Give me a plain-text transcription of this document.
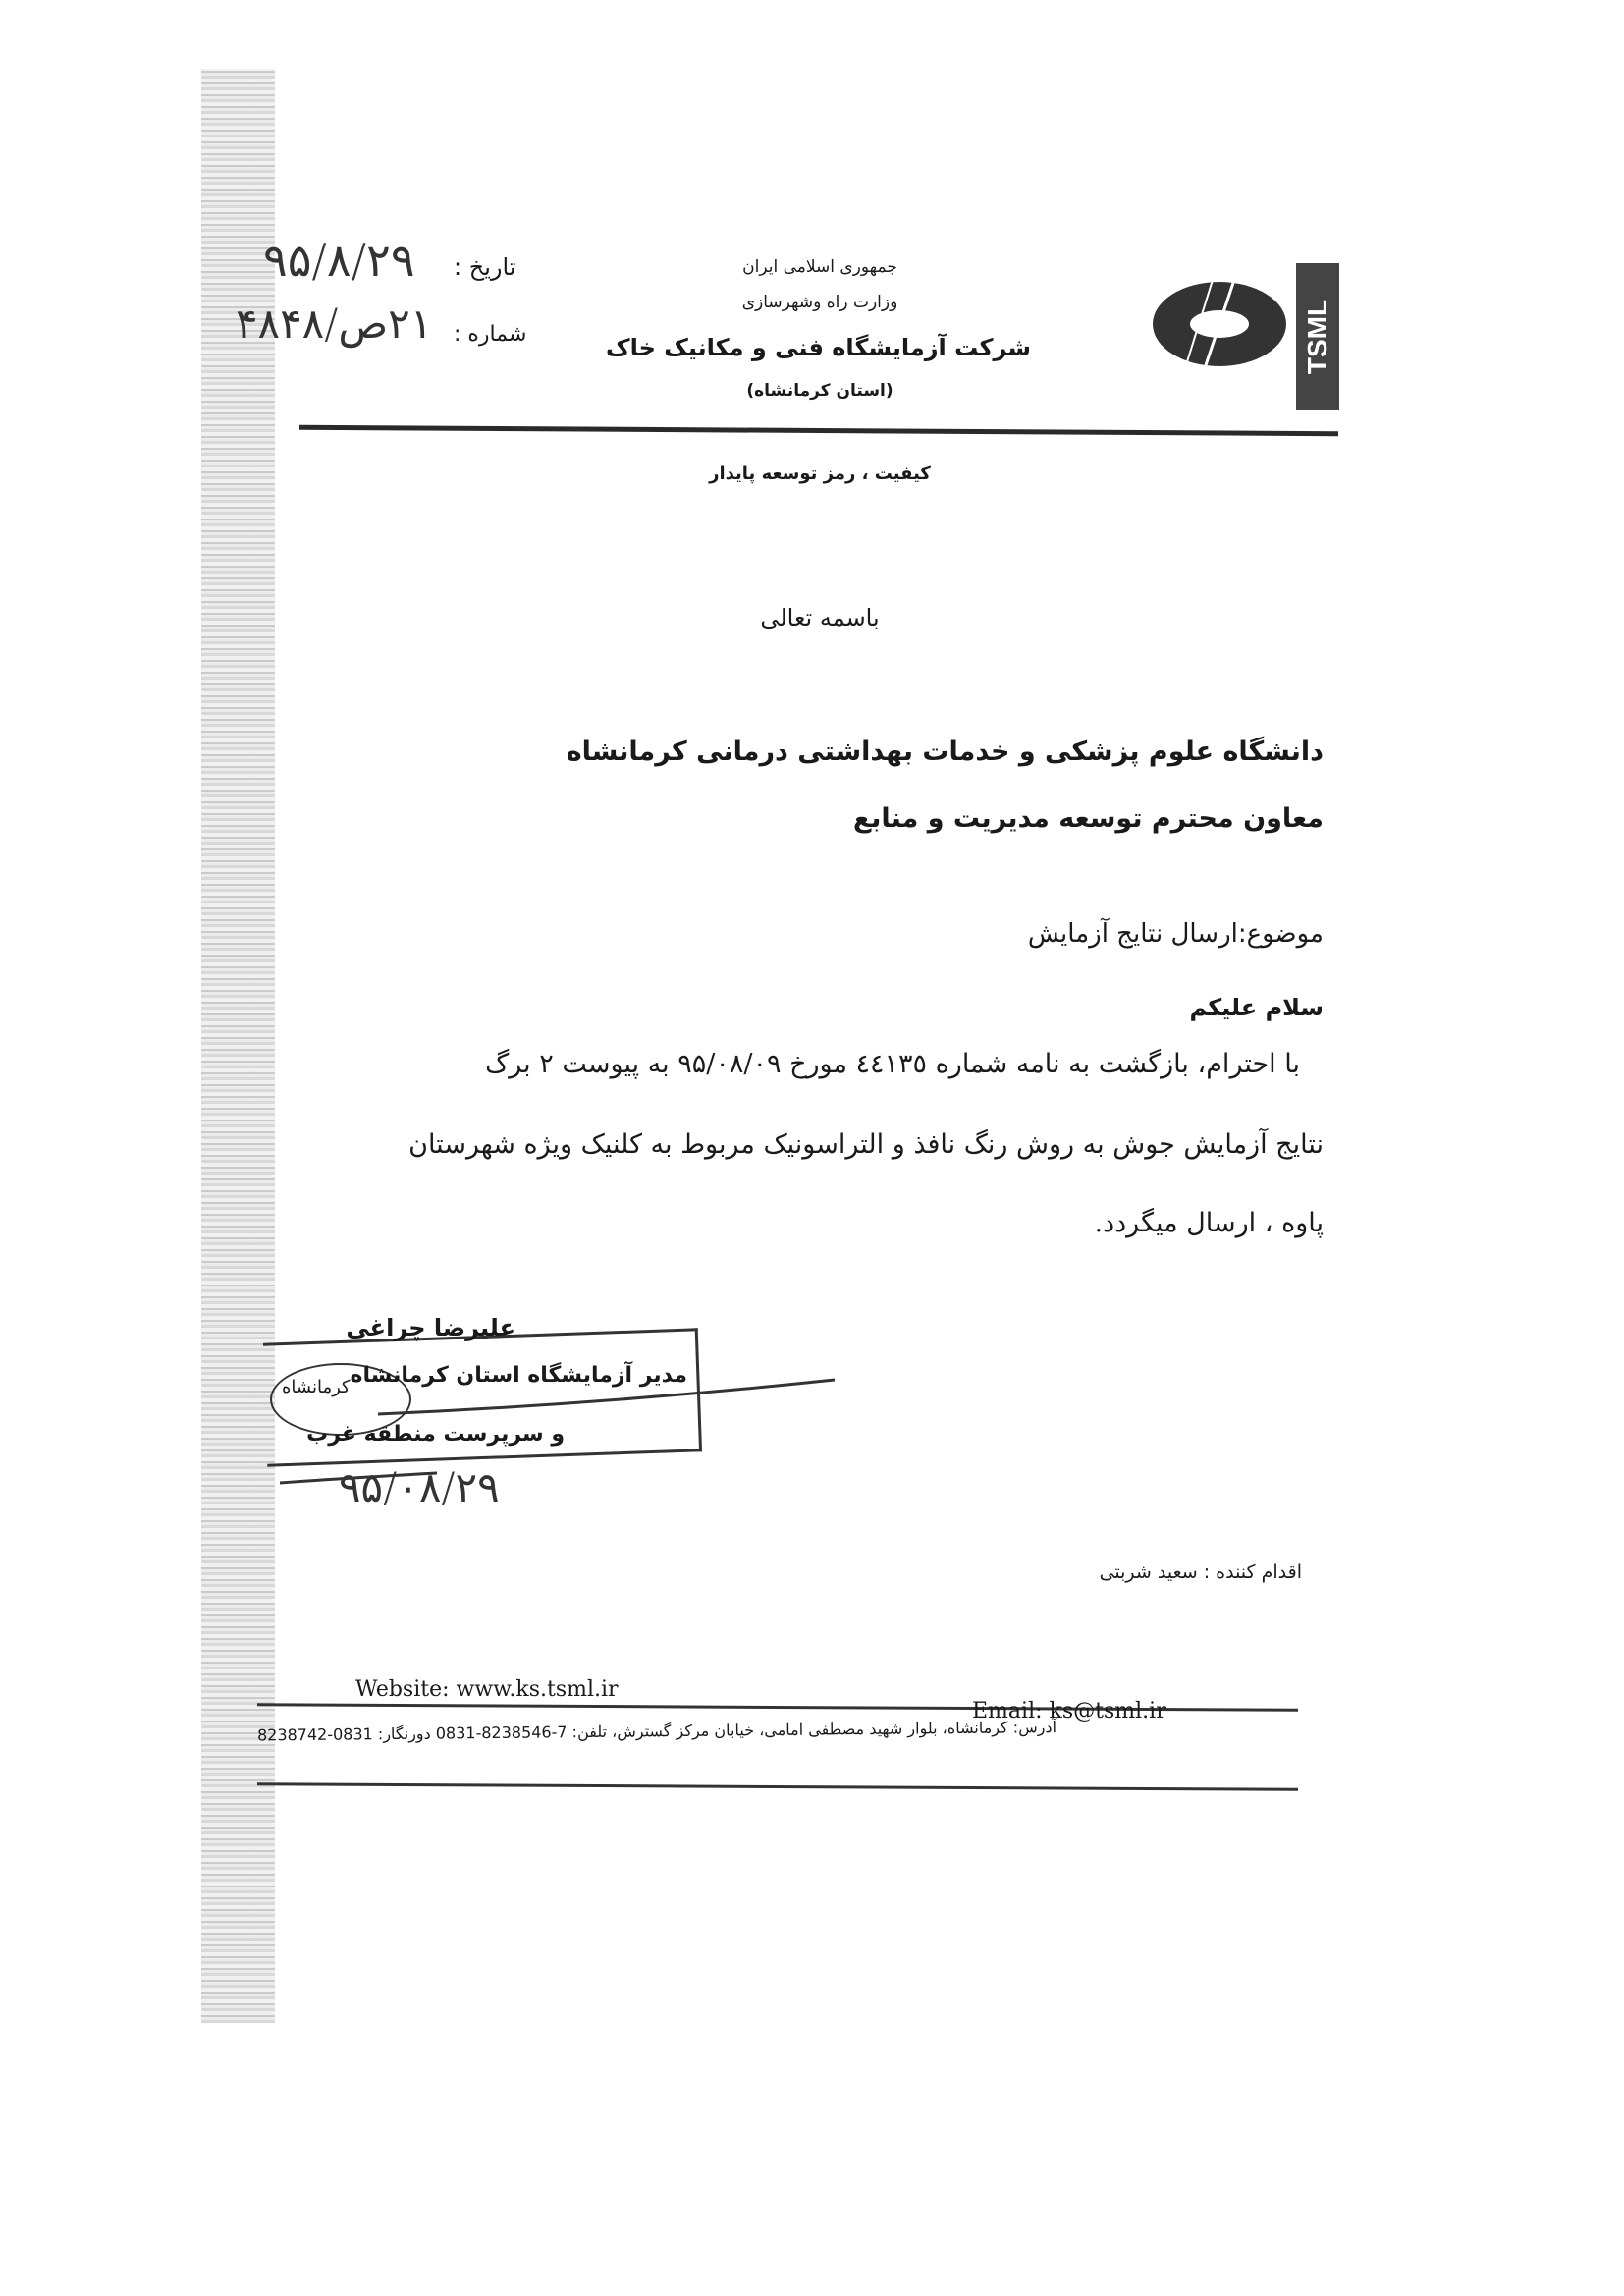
تاریخ :
۹۵/۸/۲۹
شماره :
۲۱ص/۴۸۴۸
جمهوری اسلامی ایران
وزارت راه وشهرسازی
شرکت آزمایشگاه فنی و مکانیک خاک
(استان کرمانشاه)
TSML
کیفیت ، رمز توسعه پایدار
باسمه تعالی
دانشگاه علوم پزشکی و خدمات بهداشتی درمانی کرمانشاه
معاون محترم توسعه مدیریت و منابع
موضوع:ارسال نتایج آزمایش
سلام علیکم
با احترام، بازگشت به نامه شماره ٤٤١٣٥ مورخ ۹۵/۰۸/۰۹ به پیوست ۲ برگ
نتایج آزمایش جوش به روش رنگ نافذ و التراسونیک مربوط به کلنیک ویژه شهرستان
پاوه ، ارسال میگردد.
علیرضا چراغی
مدیر آزمایشگاه استان کرمانشاه
کرمانشاه
و سرپرست منطقه غرب
۹۵/۰۸/۲۹
اقدام کننده : سعید شربتی
Website: www.ks.tsml.ir
Email: ks@tsml.ir
آدرس: کرمانشاه، بلوار شهید مصطفی امامی، خیابان مرکز گسترش، تلفن: 7-8238546-0831 دورنگار: 0831-8238742
